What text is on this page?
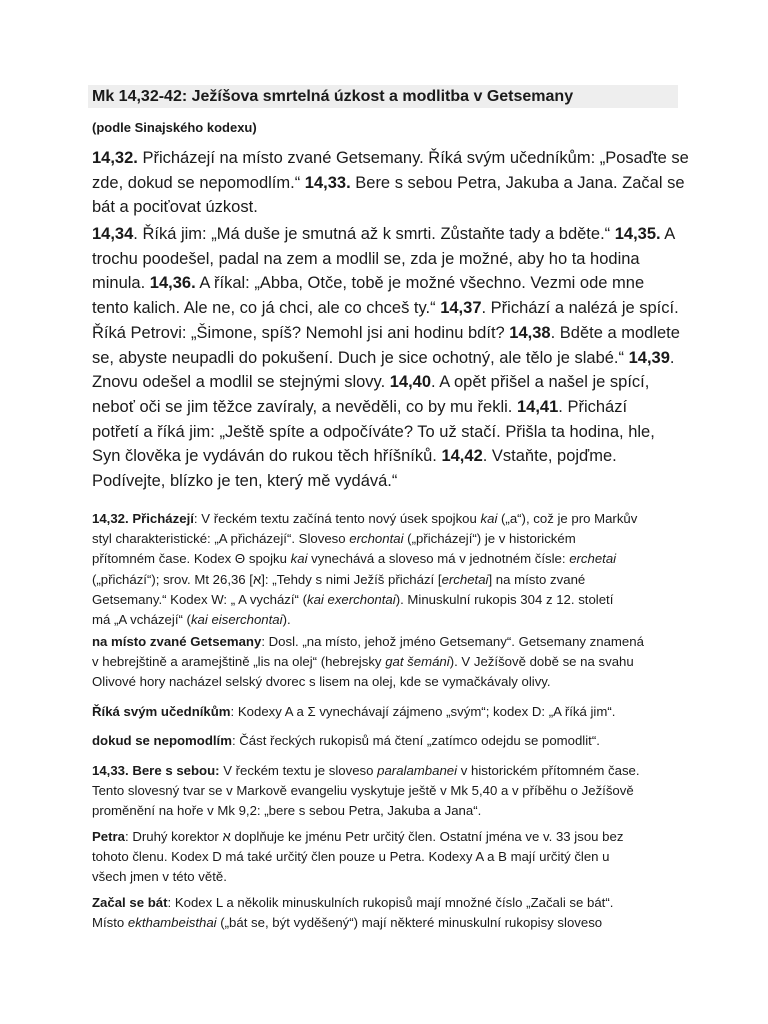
Mk 14,32-42: Ježíšova smrtelná úzkost a modlitba v Getsemany

(podle Sinajského kodexu)

14,32. Přicházejí na místo zvané Getsemany. Říká svým učedníkům: „Posaďte se
zde, dokud se nepomodlím.“ 14,33. Bere s sebou Petra, Jakuba a Jana. Začal se
bát a pociťovat úzkost.

14,34. Říká jim: „Má duše je smutná až k smrti. Zůstaňte tady a bděte.“ 14,35. A
trochu poodešel, padal na zem a modlil se, zda je možné, aby ho ta hodina
minula. 14,36. A říkal: „Abba, Otče, tobě je možné všechno. Vezmi ode mne
tento kalich. Ale ne, co já chci, ale co chceš ty.“ 14,37. Přichází a nalézá je spící.
Říká Petrovi: „Šimone, spíš? Nemohl jsi ani hodinu bdít? 14,38. Bděte a modlete
se, abyste neupadli do pokušení. Duch je sice ochotný, ale tělo je slabé.“ 14,39.
Znovu odešel a modlil se stejnými slovy. 14,40. A opět přišel a našel je spící,
neboť oči se jim těžce zavíraly, a nevěděli, co by mu řekli. 14,41. Přichází
potřetí a říká jim: „Ještě spíte a odpočíváte? To už stačí. Přišla ta hodina, hle,
Syn člověka je vydáván do rukou těch hříšníků. 14,42. Vstaňte, pojďme.
Podívejte, blízko je ten, který mě vydává.“

14,32. Přicházejí: V řeckém textu začíná tento nový úsek spojkou kai („a“), což je pro Markův
styl charakteristické: „A přicházejí“. Sloveso erchontai („přicházejí“) je v historickém
přítomném čase. Kodex Θ spojku kai vynechává a sloveso má v jednotném čísle: erchetai
(„přichází“); srov. Mt 26,36 [א]: „Tehdy s nimi Ježíš přichází [erchetai] na místo zvané
Getsemany.“ Kodex W: „ A vychází“ (kai exerchontai). Minuskulní rukopis 304 z 12. století
má „A vcházejí“ (kai eiserchontai).

na místo zvané Getsemany: Dosl. „na místo, jehož jméno Getsemany“. Getsemany znamená
v hebrejštině a aramejštině „lis na olej“ (hebrejsky gat šemáni). V Ježíšově době se na svahu
Olivové hory nacházel selský dvorec s lisem na olej, kde se vymačkávaly olivy.

Říká svým učedníkům: Kodexy A a Σ vynechávají zájmeno „svým“; kodex D: „A říká jim“.

dokud se nepomodlím: Část řeckých rukopisů má čtení „zatímco odejdu se pomodlit“.

14,33. Bere s sebou: V řeckém textu je sloveso paralambanei v historickém přítomném čase.
Tento slovesný tvar se v Markově evangeliu vyskytuje ještě v Mk 5,40 a v příběhu o Ježíšově
proměnění na hoře v Mk 9,2: „bere s sebou Petra, Jakuba a Jana“.

Petra: Druhý korektor א doplňuje ke jménu Petr určitý člen. Ostatní jména ve v. 33 jsou bez
tohoto členu. Kodex D má také určitý člen pouze u Petra. Kodexy A a B mají určitý člen u
všech jmen v této větě.

Začal se bát: Kodex L a několik minuskulních rukopisů mají množné číslo „Začali se bát“.
Místo ekthambeisthai („bát se, být vyděšený“) mají některé minuskulní rukopisy sloveso
